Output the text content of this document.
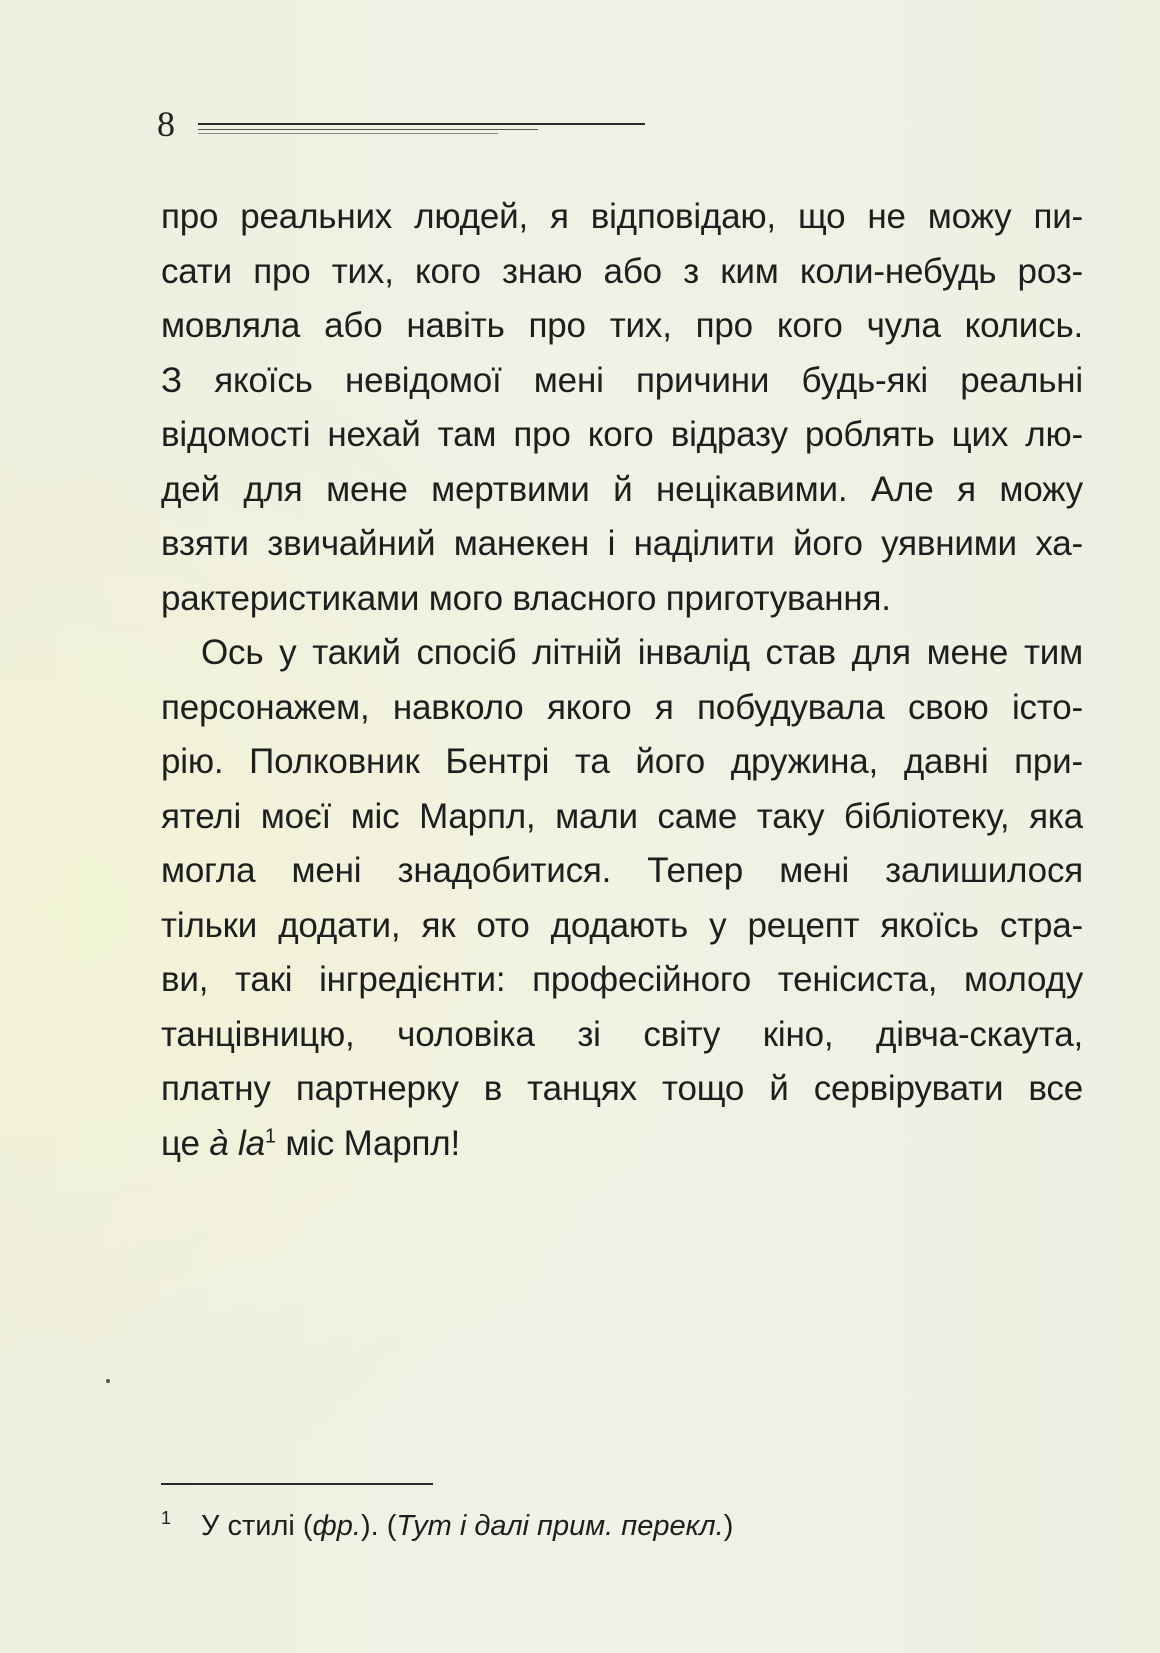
8
про реальних людей, я відповідаю, що не можу пи-
сати про тих, кого знаю або з ким коли-небудь роз-
мовляла або навіть про тих, про кого чула колись.
З якоїсь невідомої мені причини будь-які реальні
відомості нехай там про кого відразу роблять цих лю-
дей для мене мертвими й нецікавими. Але я можу
взяти звичайний манекен і наділити його уявними ха-
рактеристиками мого власного приготування.
Ось у такий спосіб літній інвалід став для мене тим
персонажем, навколо якого я побудувала свою істо-
рію. Полковник Бентрі та його дружина, давні при-
ятелі моєї міс Марпл, мали саме таку бібліотеку, яка
могла мені знадобитися. Тепер мені залишилося
тільки додати, як ото додають у рецепт якоїсь стра-
ви, такі інгредієнти: професійного тенісиста, молоду
танцівницю, чоловіка зі світу кіно, дівча-скаута,
платну партнерку в танцях тощо й сервірувати все
це à la$^1$ міс Марпл!
1 У стилі (фр.). (Тут і далі прим. перекл.)
